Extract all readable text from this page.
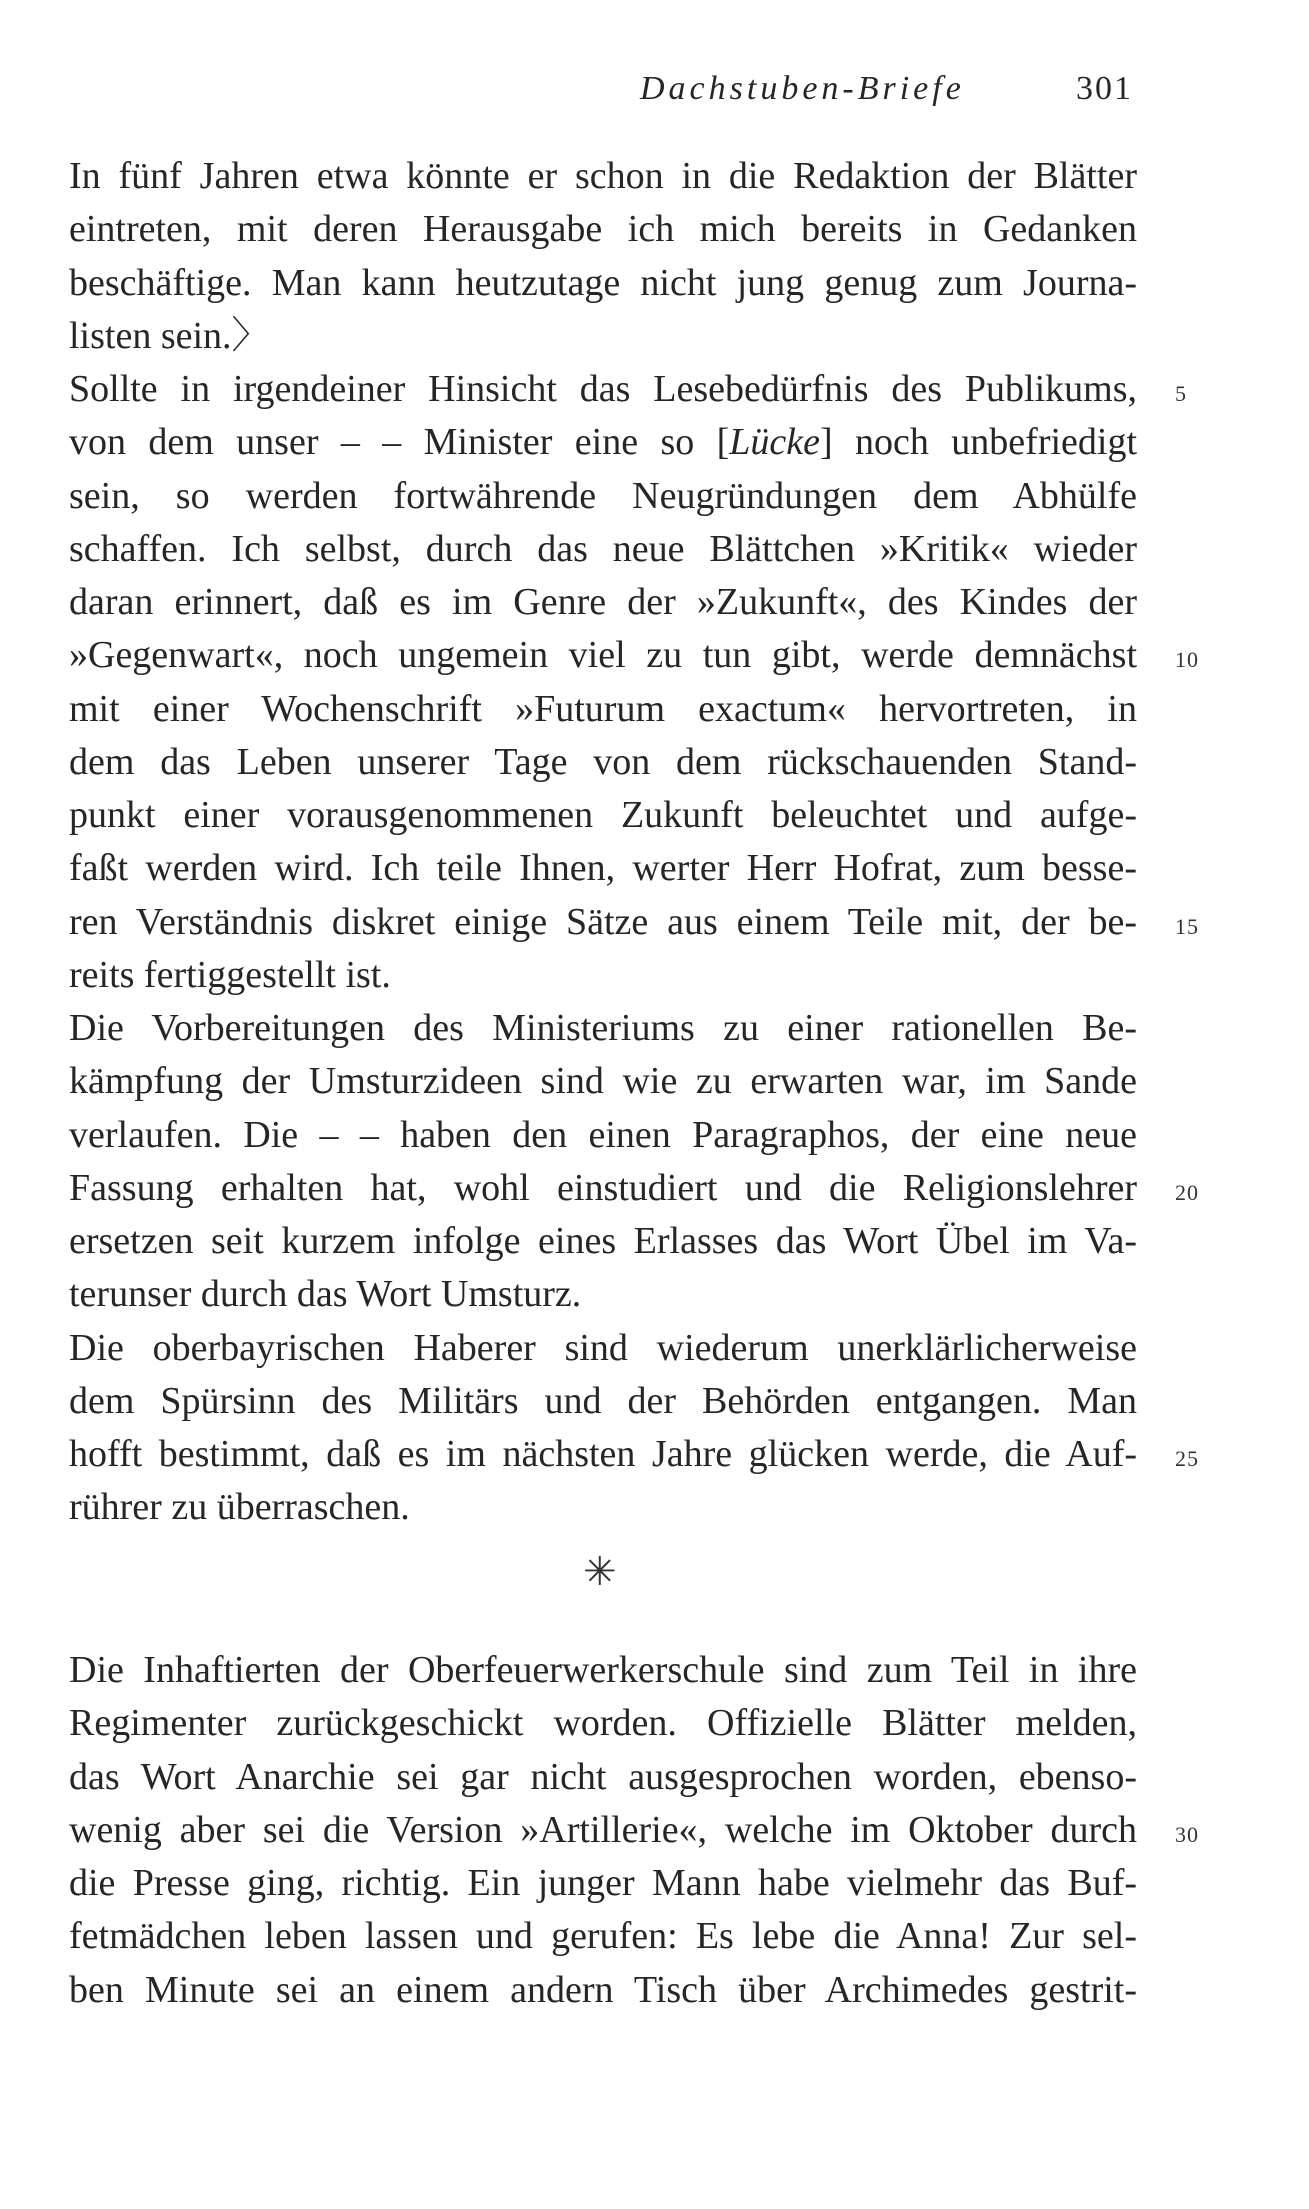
Dachstuben-Briefe	301
In fünf Jahren etwa könnte er schon in die Redaktion der Blätter
eintreten, mit deren Herausgabe ich mich bereits in Gedanken
beschäftige. Man kann heutzutage nicht jung genug zum Journa-
listen sein.〉
Sollte in irgendeiner Hinsicht das Lesebedürfnis des Publikums, 5
von dem unser – – Minister eine so [Lücke] noch unbefriedigt
sein, so werden fortwährende Neugründungen dem Abhülfe
schaffen. Ich selbst, durch das neue Blättchen »Kritik« wieder
daran erinnert, daß es im Genre der »Zukunft«, des Kindes der
»Gegenwart«, noch ungemein viel zu tun gibt, werde demnächst 10
mit einer Wochenschrift »Futurum exactum« hervortreten, in
dem das Leben unserer Tage von dem rückschauenden Stand-
punkt einer vorausgenommenen Zukunft beleuchtet und aufge-
faßt werden wird. Ich teile Ihnen, werter Herr Hofrat, zum besse-
ren Verständnis diskret einige Sätze aus einem Teile mit, der be- 15
reits fertiggestellt ist.
Die Vorbereitungen des Ministeriums zu einer rationellen Be-
kämpfung der Umsturzideen sind wie zu erwarten war, im Sande
verlaufen. Die – – haben den einen Paragraphos, der eine neue
Fassung erhalten hat, wohl einstudiert und die Religionslehrer 20
ersetzen seit kurzem infolge eines Erlasses das Wort Übel im Va-
terunser durch das Wort Umsturz.
Die oberbayrischen Haberer sind wiederum unerklärlicherweise
dem Spürsinn des Militärs und der Behörden entgangen. Man
hofft bestimmt, daß es im nächsten Jahre glücken werde, die Auf- 25
rührer zu überraschen.
✳
Die Inhaftierten der Oberfeuerwerkerschule sind zum Teil in ihre
Regimenter zurückgeschickt worden. Offizielle Blätter melden,
das Wort Anarchie sei gar nicht ausgesprochen worden, ebenso-
wenig aber sei die Version »Artillerie«, welche im Oktober durch 30
die Presse ging, richtig. Ein junger Mann habe vielmehr das Buf-
fetmädchen leben lassen und gerufen: Es lebe die Anna! Zur sel-
ben Minute sei an einem andern Tisch über Archimedes gestrit-
